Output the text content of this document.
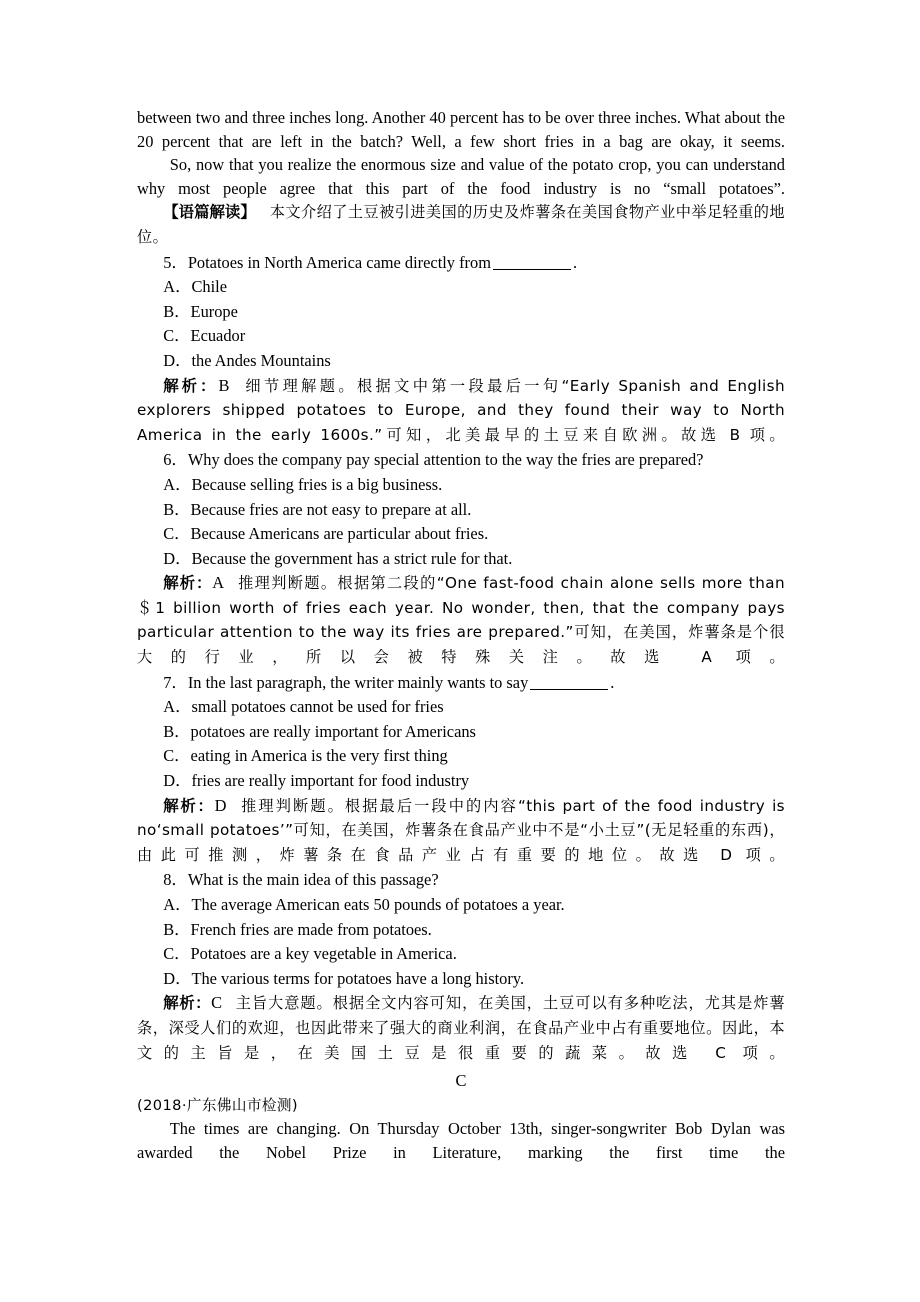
between two and three inches long. Another 40 percent has to be over three inches. What about the 20 percent that are left in the batch? Well, a few short fries in a bag are okay, it seems.

So, now that you realize the enormous size and value of the potato crop, you can understand why most people agree that this part of the food industry is no “small potatoes”.

【语篇解读】 本文介绍了土豆被引进美国的历史及炸薯条在美国食物产业中举足轻重的地位。

5．Potatoes in North America came directly from	.

A．Chile

B．Europe

C．Ecuador

D．the Andes Mountains

解析：B 细节理解题。根据文中第一段最后一句“Early Spanish and English explorers shipped potatoes to Europe, and they found their way to North America in the early 1600s.”可知，北美最早的土豆来自欧洲。故选 B 项。

6．Why does the company pay special attention to the way the fries are prepared?

A．Because selling fries is a big business.

B．Because fries are not easy to prepare at all.

C．Because Americans are particular about fries.

D．Because the government has a strict rule for that.

解析：A 推理判断题。根据第二段的“One fast-food chain alone sells more than ＄1 billion worth of fries each year. No wonder, then, that the company pays particular attention to the way its fries are prepared.”可知，在美国，炸薯条是个很大的行业，所以会被特殊关注。故选 A 项。

7．In the last paragraph, the writer mainly wants to say	.

A．small potatoes cannot be used for fries

B．potatoes are really important for Americans

C．eating in America is the very first thing

D．fries are really important for food industry

解析：D 推理判断题。根据最后一段中的内容“this part of the food industry is no‘small potatoes’”可知，在美国，炸薯条在食品产业中不是“小土豆”(无足轻重的东西)，由此可推测，炸薯条在食品产业占有重要的地位。故选 D 项。

8．What is the main idea of this passage?

A．The average American eats 50 pounds of potatoes a year.

B．French fries are made from potatoes.

C．Potatoes are a key vegetable in America.

D．The various terms for potatoes have a long history.

解析：C 主旨大意题。根据全文内容可知，在美国，土豆可以有多种吃法，尤其是炸薯条，深受人们的欢迎，也因此带来了强大的商业利润，在食品产业中占有重要地位。因此，本文的主旨是，在美国土豆是很重要的蔬菜。故选 C 项。

C

(2018·广东佛山市检测)

The times are changing. On Thursday October 13th, singer-songwriter Bob Dylan was awarded the Nobel Prize in Literature, marking the first time the
